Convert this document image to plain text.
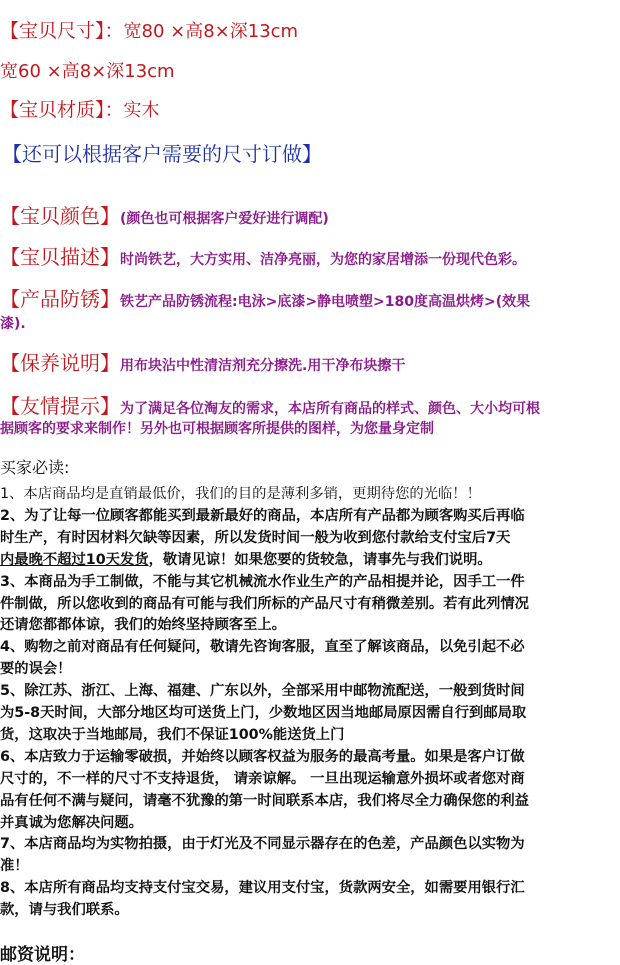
【宝贝尺寸】：宽80 ×高8×深13cm
宽60 ×高8×深13cm
【宝贝材质】：实木
【还可以根据客户需要的尺寸订做】
【宝贝颜色】(颜色也可根据客户爱好进行调配)
【宝贝描述】时尚铁艺，大方实用、洁净亮丽，为您的家居增添一份现代色彩。
【产品防锈】铁艺产品防锈流程:电泳>底漆>静电喷塑>180度高温烘烤>(效果
漆).
【保养说明】用布块沾中性清洁剂充分擦洗.用干净布块擦干
【友情提示】为了满足各位淘友的需求，本店所有商品的样式、颜色、大小均可根
据顾客的要求来制作！另外也可根据顾客所提供的图样，为您量身定制
买家必读:
1、本店商品均是直销最低价，我们的目的是薄利多销，更期待您的光临！！
2、为了让每一位顾客都能买到最新最好的商品，本店所有产品都为顾客购买后再临
时生产，有时因材料欠缺等因素，所以发货时间一般为收到您付款给支付宝后7天
内最晚不超过10天发货，敬请见谅！如果您要的货较急，请事先与我们说明。
3、本商品为手工制做，不能与其它机械流水作业生产的产品相提并论，因手工一件
件制做，所以您收到的商品有可能与我们所标的产品尺寸有稍微差别。若有此列情况
还请您都都体谅，我们的始终坚持顾客至上。
4、购物之前对商品有任何疑问，敬请先咨询客服，直至了解该商品，以免引起不必
要的误会！
5、除江苏、浙江、上海、福建、广东以外，全部采用中邮物流配送，一般到货时间
为5-8天时间，大部分地区均可送货上门，少数地区因当地邮局原因需自行到邮局取
货，这取决于当地邮局，我们不保证100%能送货上门
6、本店致力于运输零破损，并始终以顾客权益为服务的最高考量。如果是客户订做
尺寸的，不一样的尺寸不支持退货， 请亲谅解。 一旦出现运输意外损坏或者您对商
品有任何不满与疑问，请毫不犹豫的第一时间联系本店，我们将尽全力确保您的利益
并真诚为您解决问题。
7、本店商品均为实物拍摄，由于灯光及不同显示器存在的色差，产品颜色以实物为
准！
8、本店所有商品均支持支付宝交易，建议用支付宝，货款两安全，如需要用银行汇
款，请与我们联系。
邮资说明：
